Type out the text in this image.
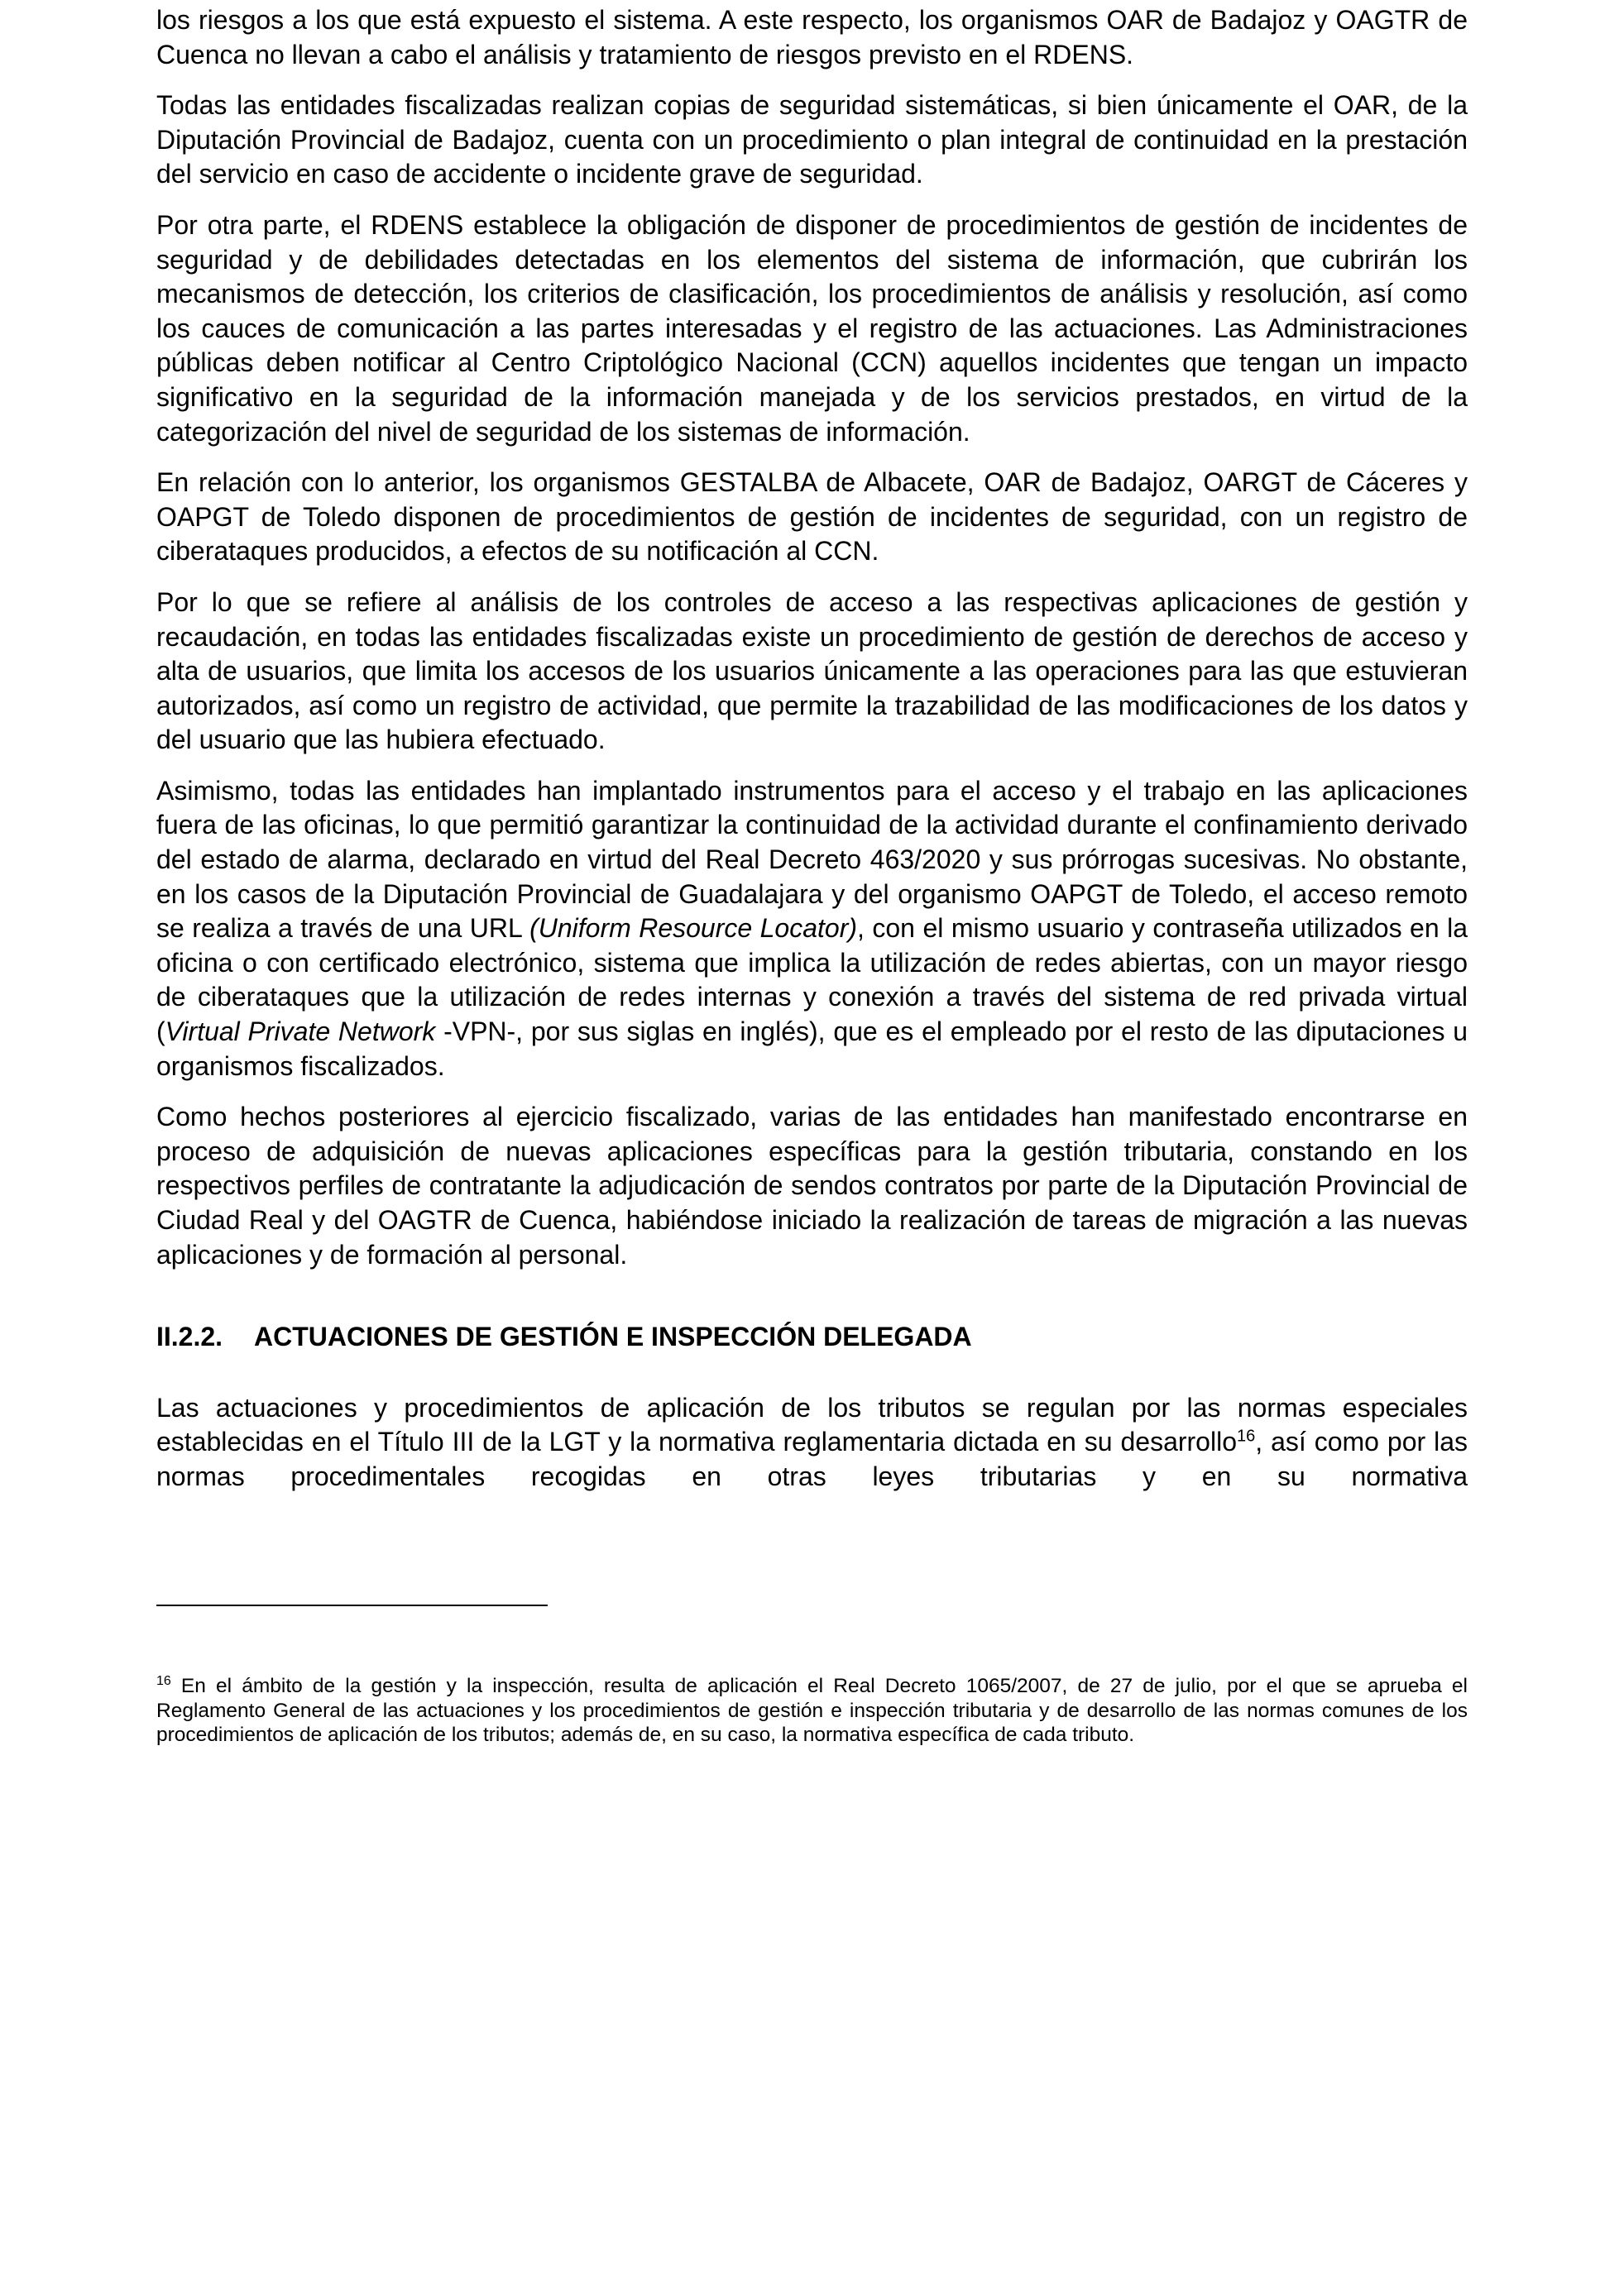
los riesgos a los que está expuesto el sistema. A este respecto, los organismos OAR de Badajoz y OAGTR de Cuenca no llevan a cabo el análisis y tratamiento de riesgos previsto en el RDENS.

Todas las entidades fiscalizadas realizan copias de seguridad sistemáticas, si bien únicamente el OAR, de la Diputación Provincial de Badajoz, cuenta con un procedimiento o plan integral de continuidad en la prestación del servicio en caso de accidente o incidente grave de seguridad.

Por otra parte, el RDENS establece la obligación de disponer de procedimientos de gestión de incidentes de seguridad y de debilidades detectadas en los elementos del sistema de información, que cubrirán los mecanismos de detección, los criterios de clasificación, los procedimientos de análisis y resolución, así como los cauces de comunicación a las partes interesadas y el registro de las actuaciones. Las Administraciones públicas deben notificar al Centro Criptológico Nacional (CCN) aquellos incidentes que tengan un impacto significativo en la seguridad de la información manejada y de los servicios prestados, en virtud de la categorización del nivel de seguridad de los sistemas de información.

En relación con lo anterior, los organismos GESTALBA de Albacete, OAR de Badajoz, OARGT de Cáceres y OAPGT de Toledo disponen de procedimientos de gestión de incidentes de seguridad, con un registro de ciberataques producidos, a efectos de su notificación al CCN.

Por lo que se refiere al análisis de los controles de acceso a las respectivas aplicaciones de gestión y recaudación, en todas las entidades fiscalizadas existe un procedimiento de gestión de derechos de acceso y alta de usuarios, que limita los accesos de los usuarios únicamente a las operaciones para las que estuvieran autorizados, así como un registro de actividad, que permite la trazabilidad de las modificaciones de los datos y del usuario que las hubiera efectuado.

Asimismo, todas las entidades han implantado instrumentos para el acceso y el trabajo en las aplicaciones fuera de las oficinas, lo que permitió garantizar la continuidad de la actividad durante el confinamiento derivado del estado de alarma, declarado en virtud del Real Decreto 463/2020 y sus prórrogas sucesivas. No obstante, en los casos de la Diputación Provincial de Guadalajara y del organismo OAPGT de Toledo, el acceso remoto se realiza a través de una URL (Uniform Resource Locator), con el mismo usuario y contraseña utilizados en la oficina o con certificado electrónico, sistema que implica la utilización de redes abiertas, con un mayor riesgo de ciberataques que la utilización de redes internas y conexión a través del sistema de red privada virtual (Virtual Private Network -VPN-, por sus siglas en inglés), que es el empleado por el resto de las diputaciones u organismos fiscalizados.

Como hechos posteriores al ejercicio fiscalizado, varias de las entidades han manifestado encontrarse en proceso de adquisición de nuevas aplicaciones específicas para la gestión tributaria, constando en los respectivos perfiles de contratante la adjudicación de sendos contratos por parte de la Diputación Provincial de Ciudad Real y del OAGTR de Cuenca, habiéndose iniciado la realización de tareas de migración a las nuevas aplicaciones y de formación al personal.

II.2.2. ACTUACIONES DE GESTIÓN E INSPECCIÓN DELEGADA

Las actuaciones y procedimientos de aplicación de los tributos se regulan por las normas especiales establecidas en el Título III de la LGT y la normativa reglamentaria dictada en su desarrollo$^{16}$, así como por las normas procedimentales recogidas en otras leyes tributarias y en su normativa

$^{16}$ En el ámbito de la gestión y la inspección, resulta de aplicación el Real Decreto 1065/2007, de 27 de julio, por el que se aprueba el Reglamento General de las actuaciones y los procedimientos de gestión e inspección tributaria y de desarrollo de las normas comunes de los procedimientos de aplicación de los tributos; además de, en su caso, la normativa específica de cada tributo.
